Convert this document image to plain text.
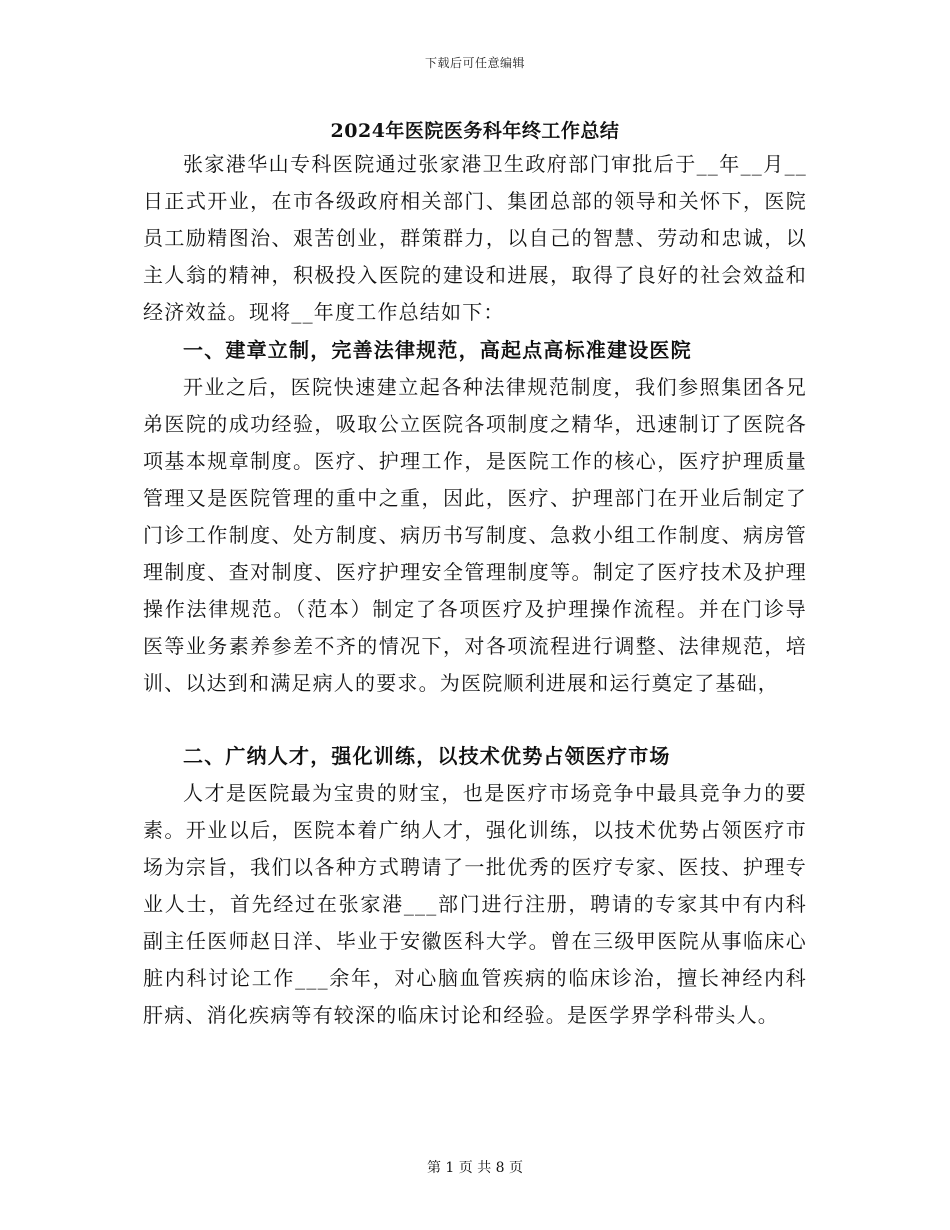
下载后可任意编辑
2024年医院医务科年终工作总结

张家港华山专科医院通过张家港卫生政府部门审批后于__年__月__日正式开业，在市各级政府相关部门、集团总部的领导和关怀下，医院员工励精图治、艰苦创业，群策群力，以自己的智慧、劳动和忠诚，以主人翁的精神，积极投入医院的建设和进展，取得了良好的社会效益和经济效益。现将__年度工作总结如下：

一、建章立制，完善法律规范，高起点高标准建设医院

开业之后，医院快速建立起各种法律规范制度，我们参照集团各兄弟医院的成功经验，吸取公立医院各项制度之精华，迅速制订了医院各项基本规章制度。医疗、护理工作，是医院工作的核心，医疗护理质量管理又是医院管理的重中之重，因此，医疗、护理部门在开业后制定了门诊工作制度、处方制度、病历书写制度、急救小组工作制度、病房管理制度、查对制度、医疗护理安全管理制度等。制定了医疗技术及护理操作法律规范。（范本）制定了各项医疗及护理操作流程。并在门诊导医等业务素养参差不齐的情况下，对各项流程进行调整、法律规范，培训、以达到和满足病人的要求。为医院顺利进展和运行奠定了基础，

二、广纳人才，强化训练，以技术优势占领医疗市场

人才是医院最为宝贵的财宝，也是医疗市场竞争中最具竞争力的要素。开业以后，医院本着广纳人才，强化训练，以技术优势占领医疗市场为宗旨，我们以各种方式聘请了一批优秀的医疗专家、医技、护理专业人士，首先经过在张家港___部门进行注册，聘请的专家其中有内科副主任医师赵日洋、毕业于安徽医科大学。曾在三级甲医院从事临床心脏内科讨论工作___余年，对心脑血管疾病的临床诊治，擅长神经内科肝病、消化疾病等有较深的临床讨论和经验。是医学界学科带头人。

第 1 页 共 8 页
